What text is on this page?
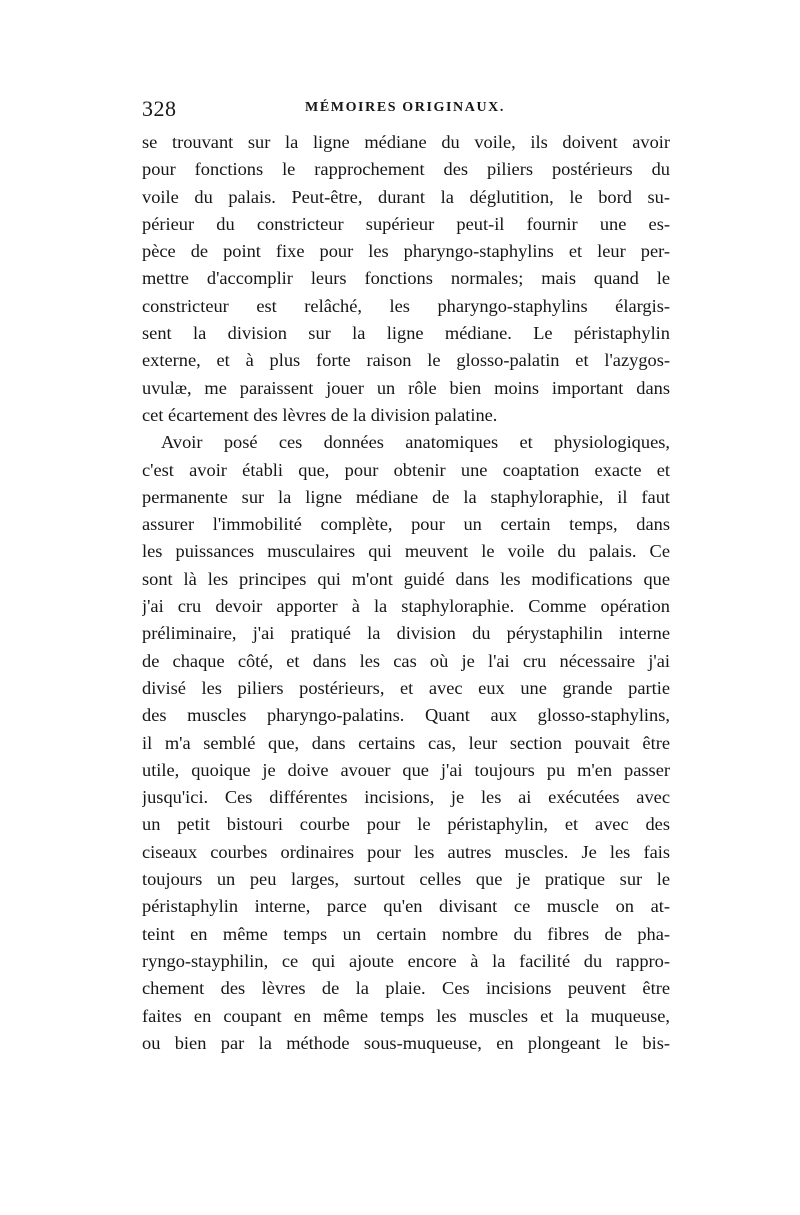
328	MÉMOIRES ORIGINAUX.
se trouvant sur la ligne médiane du voile, ils doivent avoir
pour fonctions le rapprochement des piliers postérieurs du
voile du palais. Peut-être, durant la déglutition, le bord su-
périeur du constricteur supérieur peut-il fournir une es-
pèce de point fixe pour les pharyngo-staphylins et leur per-
mettre d'accomplir leurs fonctions normales; mais quand le
constricteur est relâché, les pharyngo-staphylins élargis-
sent la division sur la ligne médiane. Le péristaphylin
externe, et à plus forte raison le glosso-palatin et l'azygos-
uvulæ, me paraissent jouer un rôle bien moins important dans
cet écartement des lèvres de la division palatine.
Avoir posé ces données anatomiques et physiologiques,
c'est avoir établi que, pour obtenir une coaptation exacte et
permanente sur la ligne médiane de la staphyloraphie, il faut
assurer l'immobilité complète, pour un certain temps, dans
les puissances musculaires qui meuvent le voile du palais. Ce
sont là les principes qui m'ont guidé dans les modifications que
j'ai cru devoir apporter à la staphyloraphie. Comme opération
préliminaire, j'ai pratiqué la division du pérystaphilin interne
de chaque côté, et dans les cas où je l'ai cru nécessaire j'ai
divisé les piliers postérieurs, et avec eux une grande partie
des muscles pharyngo-palatins. Quant aux glosso-staphylins,
il m'a semblé que, dans certains cas, leur section pouvait être
utile, quoique je doive avouer que j'ai toujours pu m'en passer
jusqu'ici. Ces différentes incisions, je les ai exécutées avec
un petit bistouri courbe pour le péristaphylin, et avec des
ciseaux courbes ordinaires pour les autres muscles. Je les fais
toujours un peu larges, surtout celles que je pratique sur le
péristaphylin interne, parce qu'en divisant ce muscle on at-
teint en même temps un certain nombre du fibres de pha-
ryngo-stayphilin, ce qui ajoute encore à la facilité du rappro-
chement des lèvres de la plaie. Ces incisions peuvent être
faites en coupant en même temps les muscles et la muqueuse,
ou bien par la méthode sous-muqueuse, en plongeant le bis-
